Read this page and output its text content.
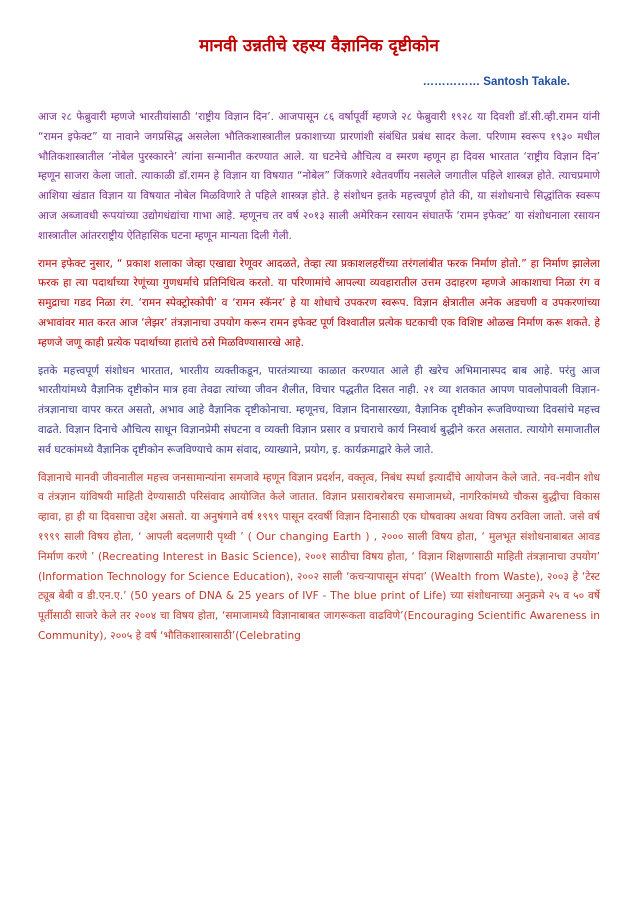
मानवी उन्नतीचे रहस्य वैज्ञानिक दृष्टीकोन
…………… Santosh Takale.

आज २८ फेब्रुवारी म्हणजे भारतीयांसाठी ‘राष्ट्रीय विज्ञान दिन’. आजपासून ८६ वर्षापूर्वी म्हणजे २८ फेब्रुवारी १९२८ या दिवशी डॉ.सी.व्ही.रामन यांनी “रामन इफेक्ट” या नावाने जगप्रसिद्ध असलेला भौतिकशास्त्रातील प्रकाशाच्या प्रारणांशी संबंधित प्रबंध सादर केला. परिणाम स्वरूप १९३० मधील भौतिकशास्त्रातील ‘नोबेल पुरस्कारने’ त्यांना सन्मानीत करण्यात आले. या घटनेचे औचित्य व स्मरण म्हणून हा दिवस भारतात ‘राष्ट्रीय विज्ञान दिन’ म्हणून साजरा केला जातो. त्याकाळी डॉ.रामन हे विज्ञान या विषयात “नोबेल” जिंकणारे श्वेतवर्णीय नसलेले जगातील पहिले शास्त्रज्ञ होते. त्याचप्रमाणे आशिया खंडात विज्ञान या विषयात नोबेल मिळविणारे ते पहिले शास्त्रज्ञ होते. हे संशोधन इतके महत्त्वपूर्ण होते की, या संशोधनाचे सिद्धांतिक स्वरूप आज अब्जावधी रूपयांच्या उद्योगधंद्यांचा गाभा आहे. म्हणूनच तर वर्ष २०१३ साली अमेरिकन रसायन संघातर्फे ‘रामन इफेक्ट’ या संशोधनाला रसायन शास्त्रातील आंतरराष्ट्रीय ऐतिहासिक घटना म्हणून मान्यता दिली गेली.

रामन इफेक्ट नुसार, “ प्रकाश शलाका जेव्हा एखाद्या रेणूवर आदळते, तेव्हा त्या प्रकाशलहरींच्या तरंगलांबीत फरक निर्माण होतो.” हा निर्माण झालेला फरक हा त्या पदार्थाच्या रेणूंच्या गुणधर्माचे प्रतिनिधित्व करतो. या परिणामांचे आपल्या व्यवहारातील उत्तम उदाहरण म्हणजे आकाशाचा निळा रंग व समुद्राचा गडद निळा रंग. ‘रामन स्पेक्ट्रोस्कोपी’ व ‘रामन स्कॅनर’ हे या शोधाचे उपकरण स्वरूप. विज्ञान क्षेत्रातील अनेक अडचणी व उपकरणांच्या अभावांवर मात करत आज ‘लेझर’ तंत्रज्ञानाचा उपयोग करून रामन इफेक्ट पूर्ण विश्वातील प्रत्येक घटकाची एक विशिष्ट ओळख निर्माण करू शकते. हे म्हणजे जणू काही प्रत्येक पदार्थाच्या हातांचे ठसे मिळविण्यासारखे आहे.

इतके महत्त्वपूर्ण संशोधन भारतात, भारतीय व्यक्तीकडून, पारतंत्र्याच्या काळात करण्यात आले ही खरेच अभिमानास्पद बाब आहे. परंतु आज भारतीयांमध्ये वैज्ञानिक दृष्टीकोन मात्र हवा तेवढा त्यांच्या जीवन शैलीत, विचार पद्धतीत दिसत नाही. २१ व्या शतकात आपण पावलोपावली विज्ञान-तंत्रज्ञानाचा वापर करत असतो, अभाव आहे वैज्ञानिक दृष्टीकोनाचा. म्हणूनच, विज्ञान दिनासारख्या, वैज्ञानिक दृष्टीकोन रूजविण्याच्या दिवसांचे महत्त्व वाढते. विज्ञान दिनाचे औचित्य साधून विज्ञानप्रेमी संघटना व व्यक्ती विज्ञान प्रसार व प्रचाराचे कार्य निस्वार्थ बुद्धीने करत असतात. त्यायोगे समाजातील सर्व घटकांमध्ये वैज्ञानिक दृष्टीकोन रूजविण्याचे काम संवाद, व्याख्याने, प्रयोग, इ. कार्यक्रमाद्वारे केले जाते.

विज्ञानाचे मानवी जीवनातील महत्त्व जनसामान्यांना समजावे म्हणून विज्ञान प्रदर्शन, वक्तृत्व, निबंध स्पर्धा इत्यादींचे आयोजन केले जाते. नव-नवीन शोध व तंत्रज्ञान यांविषयी माहिती देण्यासाठी परिसंवाद आयोजित केले जातात. विज्ञान प्रसाराबरोबरच समाजामध्ये, नागरिकांमध्ये चौकस बुद्धीचा विकास व्हावा, हा ही या दिवसाचा उद्देश असतो. या अनुषंगाने वर्ष १९९९ पासून दरवर्षी विज्ञान दिनासाठी एक घोषवाक्य अथवा विषय ठरविला जातो. जसे वर्ष १९९९ साली विषय होता, ‘ आपली बदलणारी पृथ्वी ’ ( Our changing Earth ) , २००० साली विषय होता, ‘ मुलभूत संशोधनाबाबत आवड निर्माण करणे ’ (Recreating Interest in Basic Science), २००१ साठीचा विषय होता, ‘ विज्ञान शिक्षणासाठी माहिती तंत्रज्ञानाचा उपयोग’ (Information Technology for Science Education), २००२ साली ‘कचऱ्यापासून संपदा’ (Wealth from Waste), २००३ हे ‘टेस्ट ट्यूब बेबी व डी.एन.ए.’ (50 years of DNA & 25 years of IVF - The blue print of Life) च्या संशोधनाच्या अनुक्रमे २५ व ५० वर्षे पूर्तीसाठी साजरे केले तर २००४ चा विषय होता, ‘समाजामध्ये विज्ञानाबाबत जागरूकता वाढविणे’(Encouraging Scientific Awareness in Community), २००५ हे वर्ष ‘भौतिकशास्त्रासाठी’(Celebrating
